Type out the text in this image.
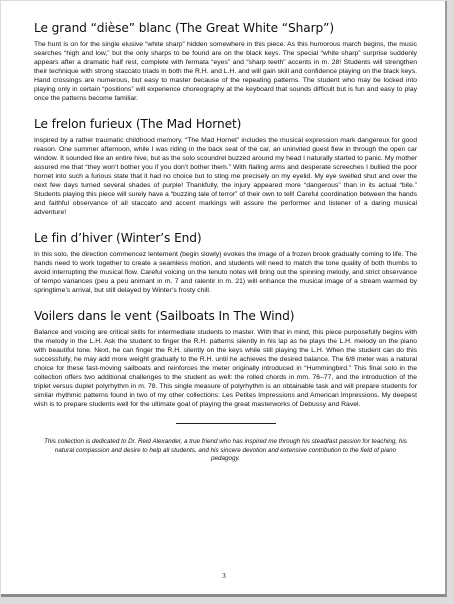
Le grand “dièse” blanc (The Great White “Sharp”)

The hunt is on for the single elusive “white sharp” hidden somewhere in this piece. As this humorous march begins, the music searches “high and low,” but the only sharps to be found are on the black keys. The special “white sharp” surprise suddenly appears after a dramatic half rest, complete with fermata “eyes” and “sharp teeth” accents in m. 28! Students will strengthen their technique with strong staccato triads in both the R.H. and L.H. and will gain skill and confidence playing on the black keys. Hand crossings are numerous, but easy to master because of the repeating patterns. The student who may be locked into playing only in certain “positions” will experience choreography at the keyboard that sounds difficult but is fun and easy to play once the patterns become familiar.

Le frelon furieux (The Mad Hornet)

Inspired by a rather traumatic childhood memory, “The Mad Hornet” includes the musical expression mark dangereux for good reason. One summer afternoon, while I was riding in the back seat of the car, an uninvited guest flew in through the open car window. It sounded like an entire hive, but as the solo scoundrel buzzed around my head I naturally started to panic. My mother assured me that “they won’t bother you if you don’t bother them.” With flailing arms and desperate screeches I bullied the poor hornet into such a furious state that it had no choice but to sting me precisely on my eyelid. My eye swelled shut and over the next few days turned several shades of purple! Thankfully, the injury appeared more “dangerous” than in its actual “bite.” Students playing this piece will surely have a “buzzing tale of terror” of their own to tell! Careful coordination between the hands and faithful observance of all staccato and accent markings will assure the performer and listener of a daring musical adventure!

Le fin d’hiver (Winter’s End)

In this solo, the direction commencez lentement (begin slowly) evokes the image of a frozen brook gradually coming to life. The hands need to work together to create a seamless motion, and students will need to match the tone quality of both thumbs to avoid interrupting the musical flow. Careful voicing on the tenuto notes will bring out the spinning melody, and strict observance of tempo variances (peu a peu animant in m. 7 and ralentir in m. 21) will enhance the musical image of a stream warmed by springtime’s arrival, but still delayed by Winter’s frosty chill.

Voilers dans le vent (Sailboats In The Wind)

Balance and voicing are critical skills for intermediate students to master. With that in mind, this piece purposefully begins with the melody in the L.H. Ask the student to finger the R.H. patterns silently in his lap as he plays the L.H. melody on the piano with beautiful tone. Next, he can finger the R.H. silently on the keys while still playing the L.H. When the student can do this successfully, he may add more weight gradually to the R.H. until he achieves the desired balance. The 6/8 meter was a natural choice for these fast-moving sailboats and reinforces the meter originally introduced in “Hummingbird.” This final solo in the collection offers two additional challenges to the student as well: the rolled chords in mm. 76–77, and the introduction of the triplet versus duplet polyrhythm in m. 78. This single measure of polyrhythm is an obtainable task and will prepare students for similar rhythmic patterns found in two of my other collections: Les Petites Impressions and American Impressions. My deepest wish is to prepare students well for the ultimate goal of playing the great masterworks of Debussy and Ravel.

This collection is dedicated to Dr. Reid Alexander, a true friend who has inspired me through his steadfast passion for teaching, his natural compassion and desire to help all students, and his sincere devotion and extensive contribution to the field of piano pedagogy.

3
